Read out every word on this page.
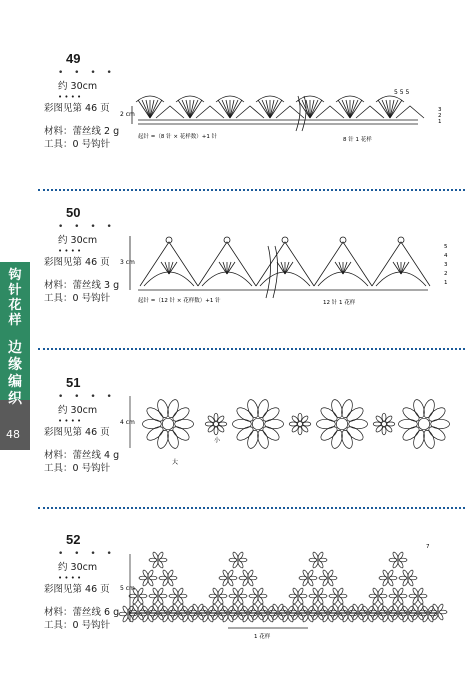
钩
针
花
样
边
缘
编
织
48
49
• • • •
约 30cm
• • • •
彩图见第 46 页
材料：蕾丝线 2 g
工具：0 号钩针
2 cm
起针 =（8 针 × 花样数）+1 针	8 针 1 花样
5 5 5
3
2
1
50
• • • •
约 30cm
• • • •
彩图见第 46 页
材料：蕾丝线 3 g
工具：0 号钩针
3 cm
起针 =（12 针 × 花样数）+1 针	12 针 1 花样
5
4
3
2
1
51
• • • •
约 30cm
• • • •
彩图见第 46 页
材料：蕾丝线 4 g
工具：0 号钩针
4 cm
大
小
52
• • • •
约 30cm
• • • •
彩图见第 46 页
材料：蕾丝线 6 g
工具：0 号钩针
5 cm
1 花样
7
